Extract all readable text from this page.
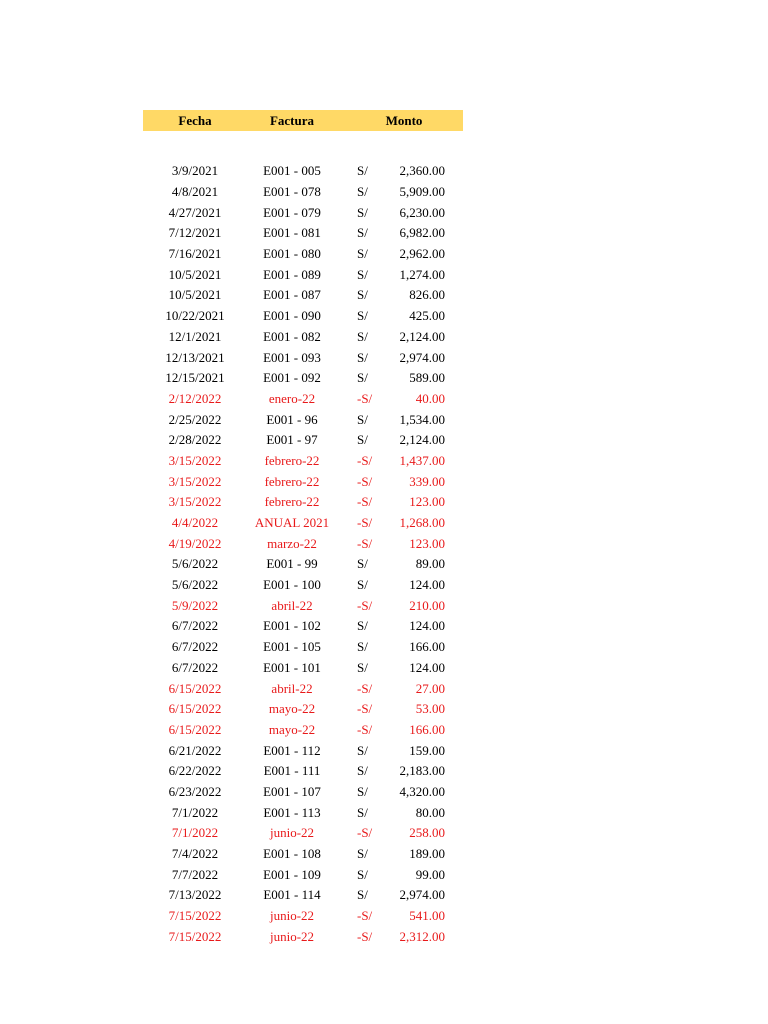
Fecha	Factura	Monto
3/9/2021	E001 - 005	S/	2,360.00
4/8/2021	E001 - 078	S/	5,909.00
4/27/2021	E001 - 079	S/	6,230.00
7/12/2021	E001 - 081	S/	6,982.00
7/16/2021	E001 - 080	S/	2,962.00
10/5/2021	E001 - 089	S/	1,274.00
10/5/2021	E001 - 087	S/	826.00
10/22/2021	E001 - 090	S/	425.00
12/1/2021	E001 - 082	S/	2,124.00
12/13/2021	E001 - 093	S/	2,974.00
12/15/2021	E001 - 092	S/	589.00
2/12/2022	enero-22	-S/	40.00
2/25/2022	E001 - 96	S/	1,534.00
2/28/2022	E001 - 97	S/	2,124.00
3/15/2022	febrero-22	-S/	1,437.00
3/15/2022	febrero-22	-S/	339.00
3/15/2022	febrero-22	-S/	123.00
4/4/2022	ANUAL 2021	-S/	1,268.00
4/19/2022	marzo-22	-S/	123.00
5/6/2022	E001 - 99	S/	89.00
5/6/2022	E001 - 100	S/	124.00
5/9/2022	abril-22	-S/	210.00
6/7/2022	E001 - 102	S/	124.00
6/7/2022	E001 - 105	S/	166.00
6/7/2022	E001 - 101	S/	124.00
6/15/2022	abril-22	-S/	27.00
6/15/2022	mayo-22	-S/	53.00
6/15/2022	mayo-22	-S/	166.00
6/21/2022	E001 - 112	S/	159.00
6/22/2022	E001 - 111	S/	2,183.00
6/23/2022	E001 - 107	S/	4,320.00
7/1/2022	E001 - 113	S/	80.00
7/1/2022	junio-22	-S/	258.00
7/4/2022	E001 - 108	S/	189.00
7/7/2022	E001 - 109	S/	99.00
7/13/2022	E001 - 114	S/	2,974.00
7/15/2022	junio-22	-S/	541.00
7/15/2022	junio-22	-S/	2,312.00
